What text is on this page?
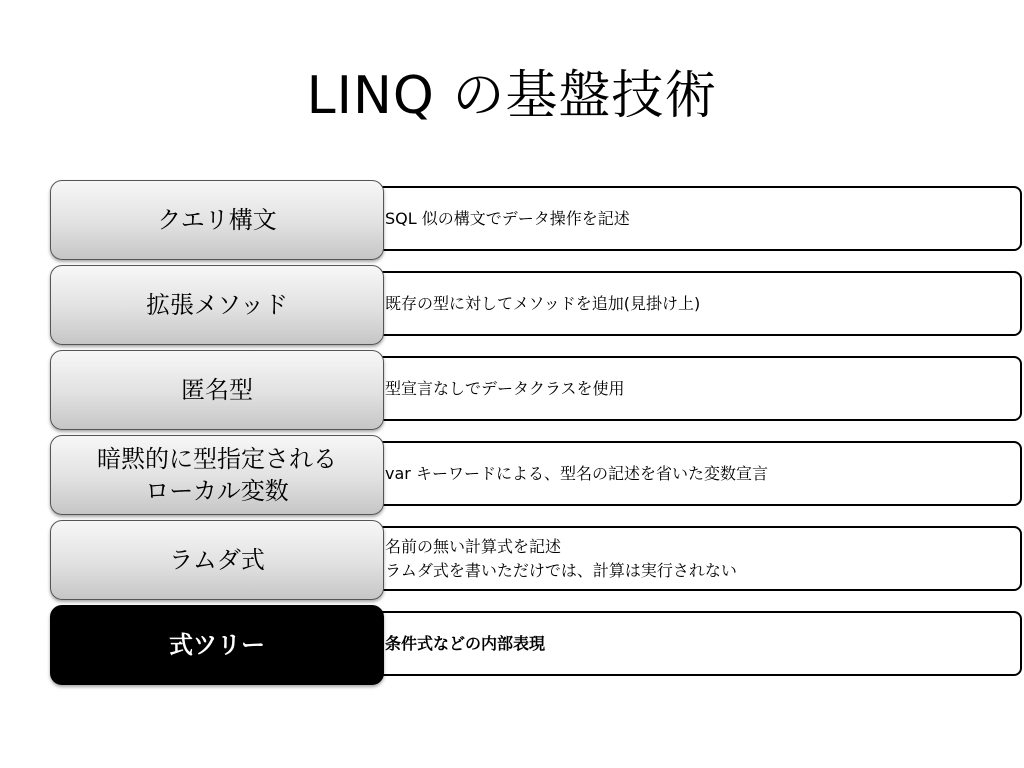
LINQ の基盤技術
SQL 似の構文でデータ操作を記述
クエリ構文
既存の型に対してメソッドを追加(見掛け上)
拡張メソッド
型宣言なしでデータクラスを使用
匿名型
var キーワードによる、型名の記述を省いた変数宣言
暗黙的に型指定される
ローカル変数
名前の無い計算式を記述
ラムダ式を書いただけでは、計算は実行されない
ラムダ式
条件式などの内部表現
式ツリー
